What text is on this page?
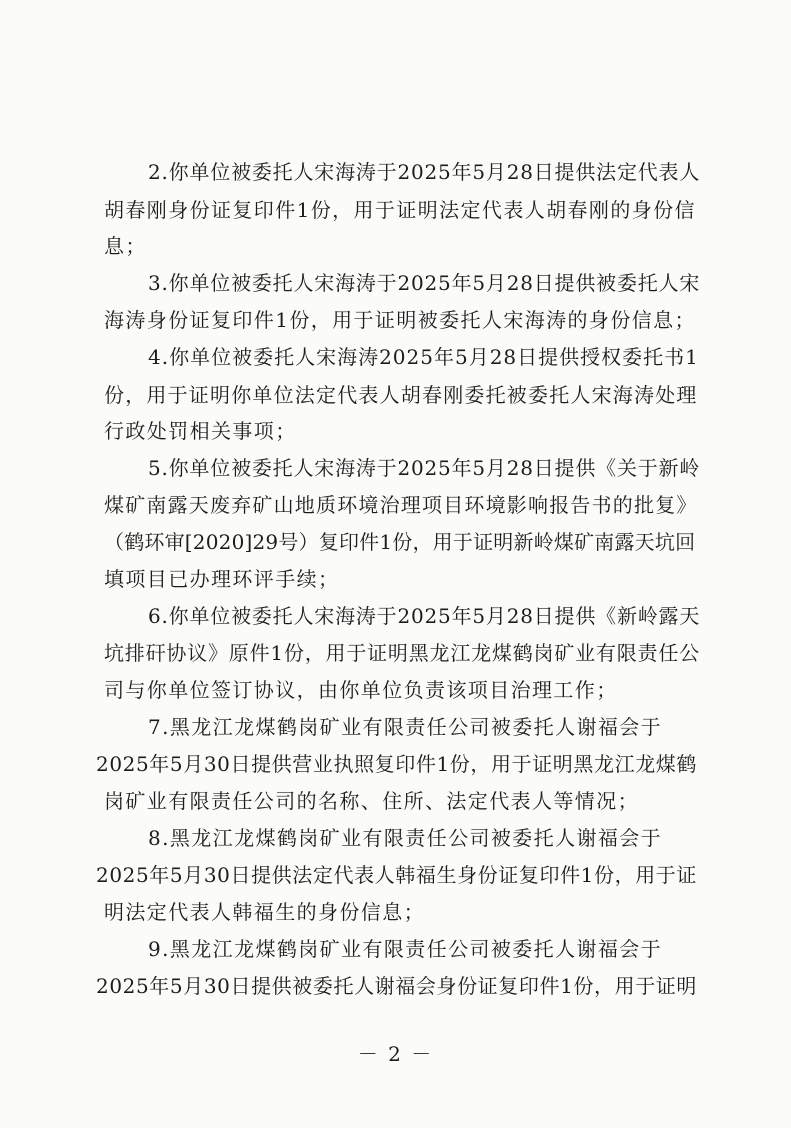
2.你单位被委托人宋海涛于2025年5月28日提供法定代表人
胡春刚身份证复印件1份，用于证明法定代表人胡春刚的身份信
息；
3.你单位被委托人宋海涛于2025年5月28日提供被委托人宋
海涛身份证复印件1份，用于证明被委托人宋海涛的身份信息；
4.你单位被委托人宋海涛2025年5月28日提供授权委托书1
份，用于证明你单位法定代表人胡春刚委托被委托人宋海涛处理
行政处罚相关事项；
5.你单位被委托人宋海涛于2025年5月28日提供《关于新岭
煤矿南露天废弃矿山地质环境治理项目环境影响报告书的批复》
（鹤环审[2020]29号）复印件1份，用于证明新岭煤矿南露天坑回
填项目已办理环评手续；
6.你单位被委托人宋海涛于2025年5月28日提供《新岭露天
坑排矸协议》原件1份，用于证明黑龙江龙煤鹤岗矿业有限责任公
司与你单位签订协议，由你单位负责该项目治理工作；
7.黑龙江龙煤鹤岗矿业有限责任公司被委托人谢福会于
2025年5月30日提供营业执照复印件1份，用于证明黑龙江龙煤鹤
岗矿业有限责任公司的名称、住所、法定代表人等情况；
8.黑龙江龙煤鹤岗矿业有限责任公司被委托人谢福会于
2025年5月30日提供法定代表人韩福生身份证复印件1份，用于证
明法定代表人韩福生的身份信息；
9.黑龙江龙煤鹤岗矿业有限责任公司被委托人谢福会于
2025年5月30日提供被委托人谢福会身份证复印件1份，用于证明
－ 2 －
